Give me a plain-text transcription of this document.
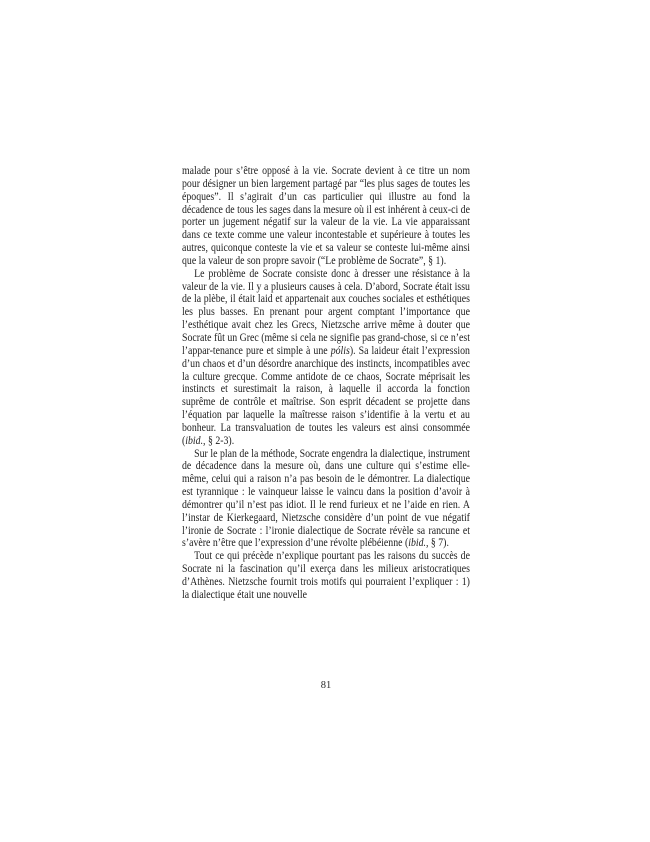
malade pour s’être opposé à la vie. Socrate devient à ce titre un nom pour désigner un bien largement partagé par “les plus sages de toutes les époques”. Il s’agirait d’un cas particulier qui illustre au fond la décadence de tous les sages dans la mesure où il est inhérent à ceux-ci de porter un jugement négatif sur la valeur de la vie. La vie apparaissant dans ce texte comme une valeur incontestable et supérieure à toutes les autres, quiconque conteste la vie et sa valeur se conteste lui-même ainsi que la valeur de son propre savoir (“Le problème de Socrate”, § 1).

Le problème de Socrate consiste donc à dresser une résistance à la valeur de la vie. Il y a plusieurs causes à cela. D’abord, Socrate était issu de la plèbe, il était laid et appartenait aux couches sociales et esthétiques les plus basses. En prenant pour argent comptant l’importance que l’esthétique avait chez les Grecs, Nietzsche arrive même à douter que Socrate fût un Grec (même si cela ne signifie pas grand-chose, si ce n’est l’appar-tenance pure et simple à une pólis). Sa laideur était l’expression d’un chaos et d’un désordre anarchique des instincts, incompatibles avec la culture grecque. Comme antidote de ce chaos, Socrate méprisait les instincts et surestimait la raison, à laquelle il accorda la fonction suprême de contrôle et maîtrise. Son esprit décadent se projette dans l’équation par laquelle la maîtresse raison s’identifie à la vertu et au bonheur. La transvaluation de toutes les valeurs est ainsi consommée (ibid., § 2-3).

Sur le plan de la méthode, Socrate engendra la dialectique, instrument de décadence dans la mesure où, dans une culture qui s’estime elle-même, celui qui a raison n’a pas besoin de le démontrer. La dialectique est tyrannique : le vainqueur laisse le vaincu dans la position d’avoir à démontrer qu’il n’est pas idiot. Il le rend furieux et ne l’aide en rien. A l’instar de Kierkegaard, Nietzsche considère d’un point de vue négatif l’ironie de Socrate : l’ironie dialectique de Socrate révèle sa rancune et s’avère n’être que l’expression d’une révolte plébéienne (ibid., § 7).

Tout ce qui précède n’explique pourtant pas les raisons du succès de Socrate ni la fascination qu’il exerça dans les milieux aristocratiques d’Athènes. Nietzsche fournit trois motifs qui pourraient l’expliquer : 1) la dialectique était une nouvelle

81
